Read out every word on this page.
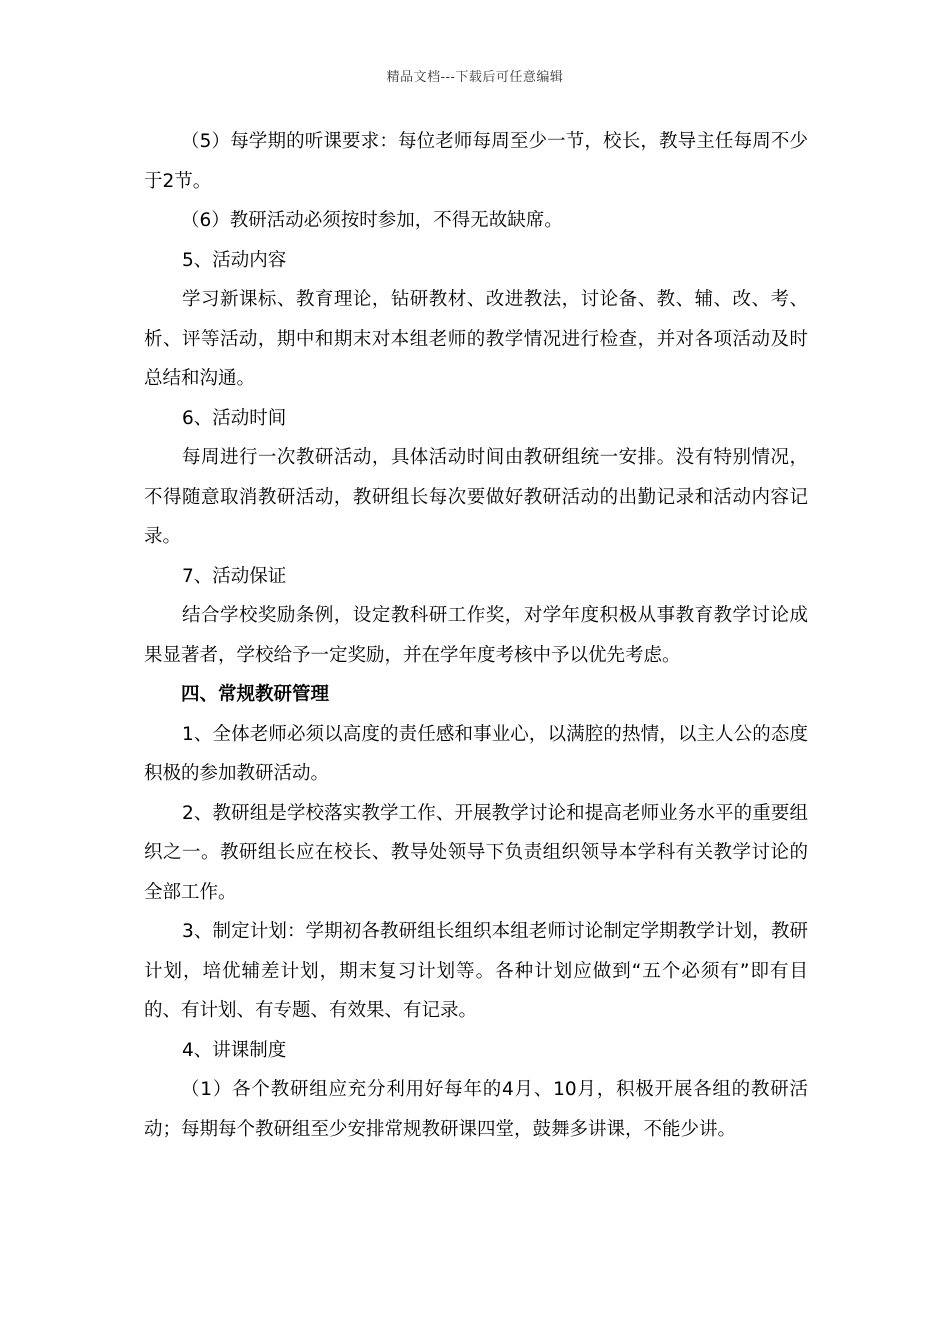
精品文档---下载后可任意编辑

（5）每学期的听课要求：每位老师每周至少一节，校长，教导主任每周不少于2节。

（6）教研活动必须按时参加，不得无故缺席。

5、活动内容

学习新课标、教育理论，钻研教材、改进教法，讨论备、教、辅、改、考、析、评等活动，期中和期末对本组老师的教学情况进行检查，并对各项活动及时总结和沟通。

6、活动时间

每周进行一次教研活动，具体活动时间由教研组统一安排。没有特别情况，不得随意取消教研活动，教研组长每次要做好教研活动的出勤记录和活动内容记录。

7、活动保证

结合学校奖励条例，设定教科研工作奖，对学年度积极从事教育教学讨论成果显著者，学校给予一定奖励，并在学年度考核中予以优先考虑。

四、常规教研管理

1、全体老师必须以高度的责任感和事业心，以满腔的热情，以主人公的态度积极的参加教研活动。

2、教研组是学校落实教学工作、开展教学讨论和提高老师业务水平的重要组织之一。教研组长应在校长、教导处领导下负责组织领导本学科有关教学讨论的全部工作。

3、制定计划：学期初各教研组长组织本组老师讨论制定学期教学计划，教研计划，培优辅差计划，期末复习计划等。各种计划应做到“五个必须有”即有目的、有计划、有专题、有效果、有记录。

4、讲课制度

（1）各个教研组应充分利用好每年的4月、10月，积极开展各组的教研活动；每期每个教研组至少安排常规教研课四堂，鼓舞多讲课，不能少讲。
